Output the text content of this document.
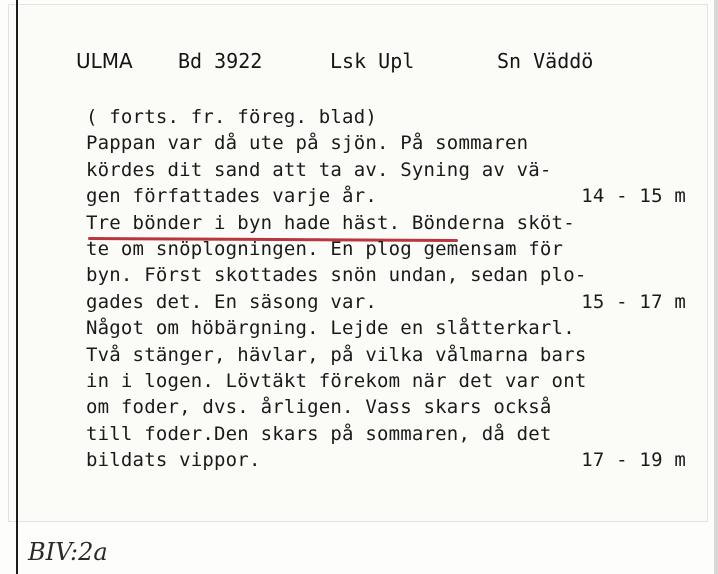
ULMA Bd 3922	Lsk Upl	Sn Väddö
( forts. fr. föreg. blad)
Pappan var då ute på sjön. På sommaren
kördes dit sand att ta av. Syning av vä-
gen författades varje år.	14 - 15 m
Tre bönder i byn hade häst. Bönderna sköt-
te om snöplogningen. En plog gemensam för
byn. Först skottades snön undan, sedan plo-
gades det. En säsong var.	15 - 17 m
Något om höbärgning. Lejde en slåtterkarl.
Två stänger, hävlar, på vilka vålmarna bars
in i logen. Lövtäkt förekom när det var ont
om foder, dvs. årligen. Vass skars också
till foder.Den skars på sommaren, då det
bildats vippor.	17 - 19 m
BIV:2a
